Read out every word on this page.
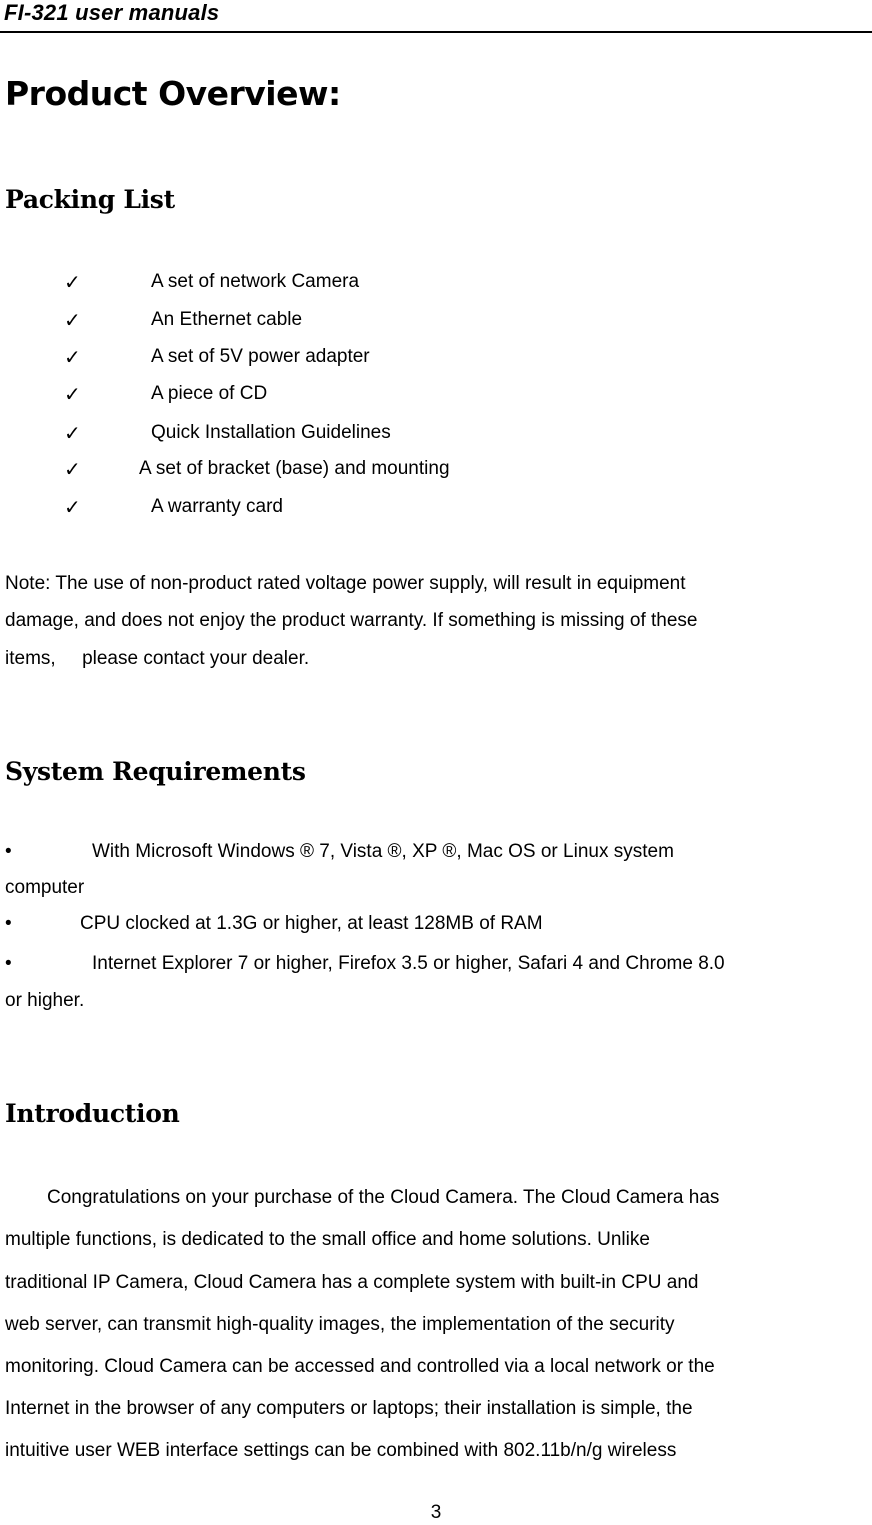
FI-321 user manuals
Product Overview:
Packing List
✓	A set of network Camera
✓	An Ethernet cable
✓	A set of 5V power adapter
✓	A piece of CD
✓	Quick Installation Guidelines
✓	A set of bracket (base) and mounting
✓	A warranty card
Note: The use of non-product rated voltage power supply, will result in equipment
damage, and does not enjoy the product warranty. If something is missing of these
items,     please contact your dealer.
System Requirements
•	With Microsoft Windows ® 7, Vista ®, XP ®, Mac OS or Linux system
computer
•	CPU clocked at 1.3G or higher, at least 128MB of RAM
•	Internet Explorer 7 or higher, Firefox 3.5 or higher, Safari 4 and Chrome 8.0
or higher.
Introduction
Congratulations on your purchase of the Cloud Camera. The Cloud Camera has
multiple functions, is dedicated to the small office and home solutions. Unlike
traditional IP Camera, Cloud Camera has a complete system with built-in CPU and
web server, can transmit high-quality images, the implementation of the security
monitoring. Cloud Camera can be accessed and controlled via a local network or the
Internet in the browser of any computers or laptops; their installation is simple, the
intuitive user WEB interface settings can be combined with 802.11b/n/g wireless
3
